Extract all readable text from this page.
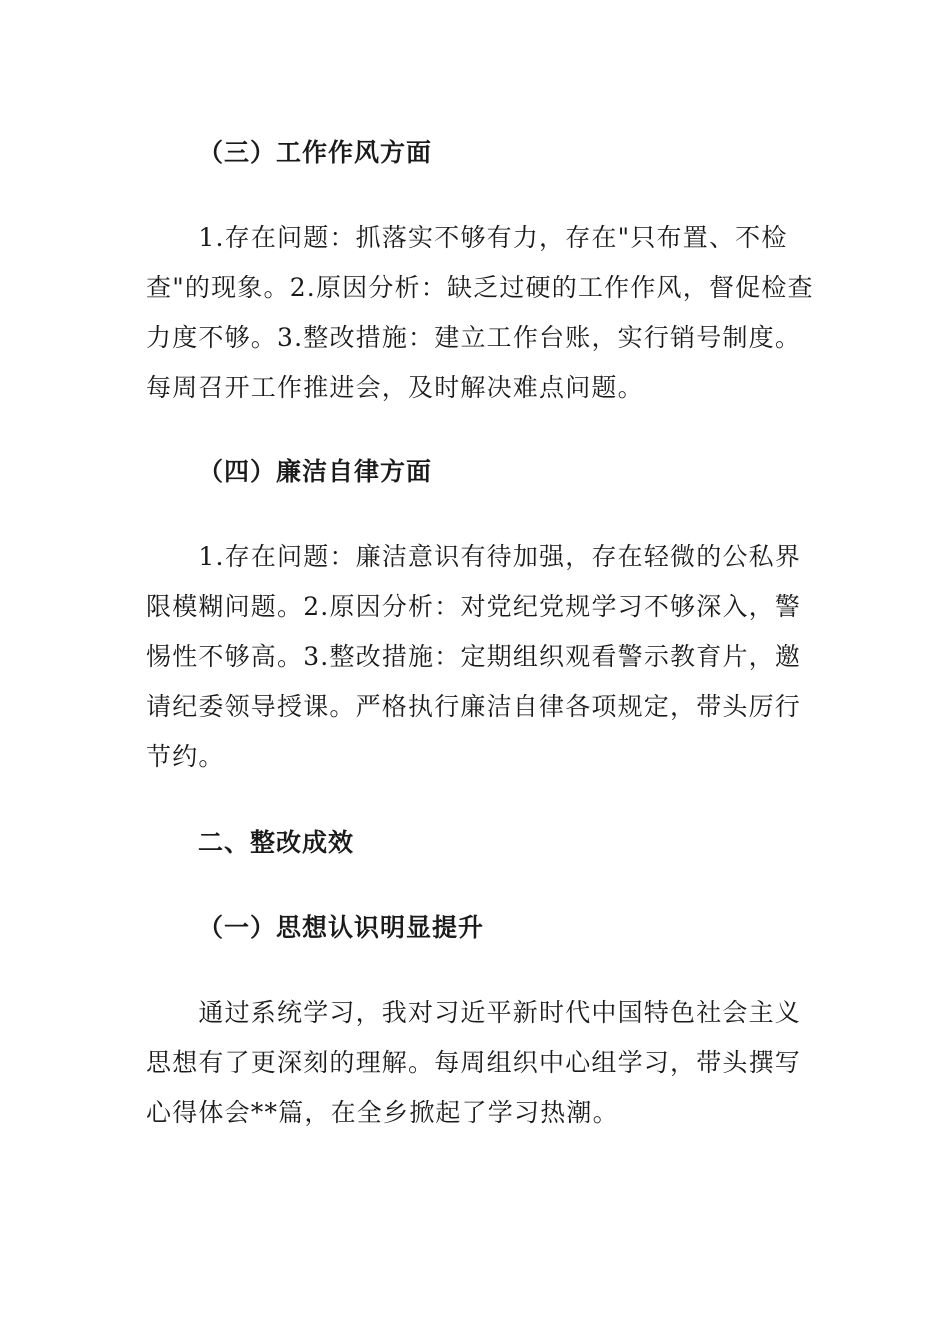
（三）工作作风方面
　　1.存在问题：抓落实不够有力，存在"只布置、不检
查"的现象。2.原因分析：缺乏过硬的工作作风，督促检查
力度不够。3.整改措施：建立工作台账，实行销号制度。
每周召开工作推进会，及时解决难点问题。
（四）廉洁自律方面
　　1.存在问题：廉洁意识有待加强，存在轻微的公私界
限模糊问题。2.原因分析：对党纪党规学习不够深入，警
惕性不够高。3.整改措施：定期组织观看警示教育片，邀
请纪委领导授课。严格执行廉洁自律各项规定，带头厉行
节约。
二、整改成效
（一）思想认识明显提升
　　通过系统学习，我对习近平新时代中国特色社会主义
思想有了更深刻的理解。每周组织中心组学习，带头撰写
心得体会**篇，在全乡掀起了学习热潮。
